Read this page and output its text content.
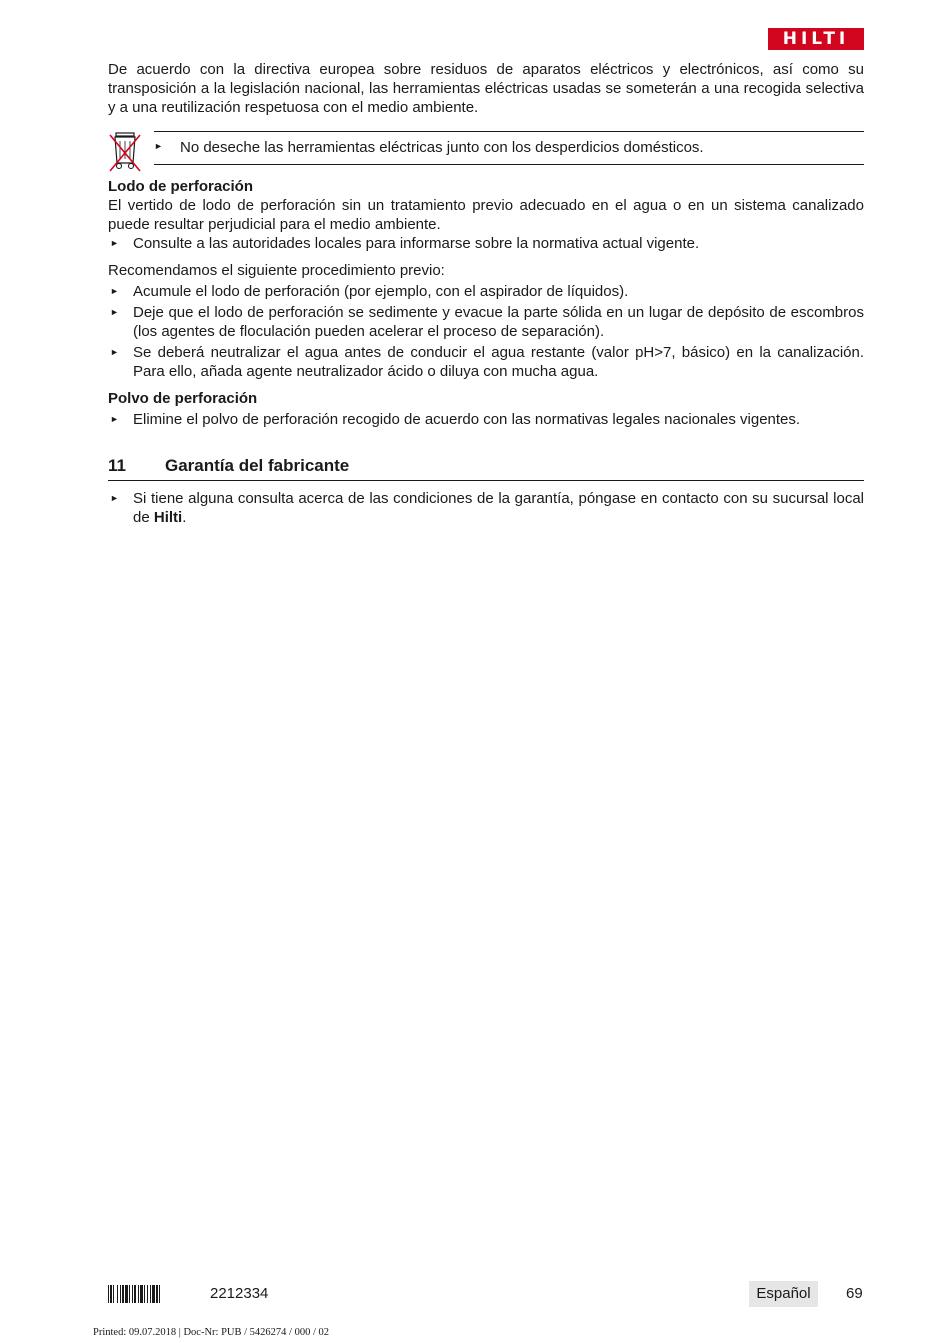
HILTI

De acuerdo con la directiva europea sobre residuos de aparatos eléctricos y electrónicos, así como su transposición a la legislación nacional, las herramientas eléctricas usadas se someterán a una recogida selectiva y a una reutilización respetuosa con el medio ambiente.

► No deseche las herramientas eléctricas junto con los desperdicios domésticos.

Lodo de perforación

El vertido de lodo de perforación sin un tratamiento previo adecuado en el agua o en un sistema canalizado puede resultar perjudicial para el medio ambiente.

► Consulte a las autoridades locales para informarse sobre la normativa actual vigente.

Recomendamos el siguiente procedimiento previo:

► Acumule el lodo de perforación (por ejemplo, con el aspirador de líquidos).
► Deje que el lodo de perforación se sedimente y evacue la parte sólida en un lugar de depósito de escombros (los agentes de floculación pueden acelerar el proceso de separación).
► Se deberá neutralizar el agua antes de conducir el agua restante (valor pH>7, básico) en la canalización. Para ello, añada agente neutralizador ácido o diluya con mucha agua.

Polvo de perforación

► Elimine el polvo de perforación recogido de acuerdo con las normativas legales nacionales vigentes.
11 Garantía del fabricante
► Si tiene alguna consulta acerca de las condiciones de la garantía, póngase en contacto con su sucursal local de Hilti.
2212334	Español	69
Printed: 09.07.2018 | Doc-Nr: PUB / 5426274 / 000 / 02
